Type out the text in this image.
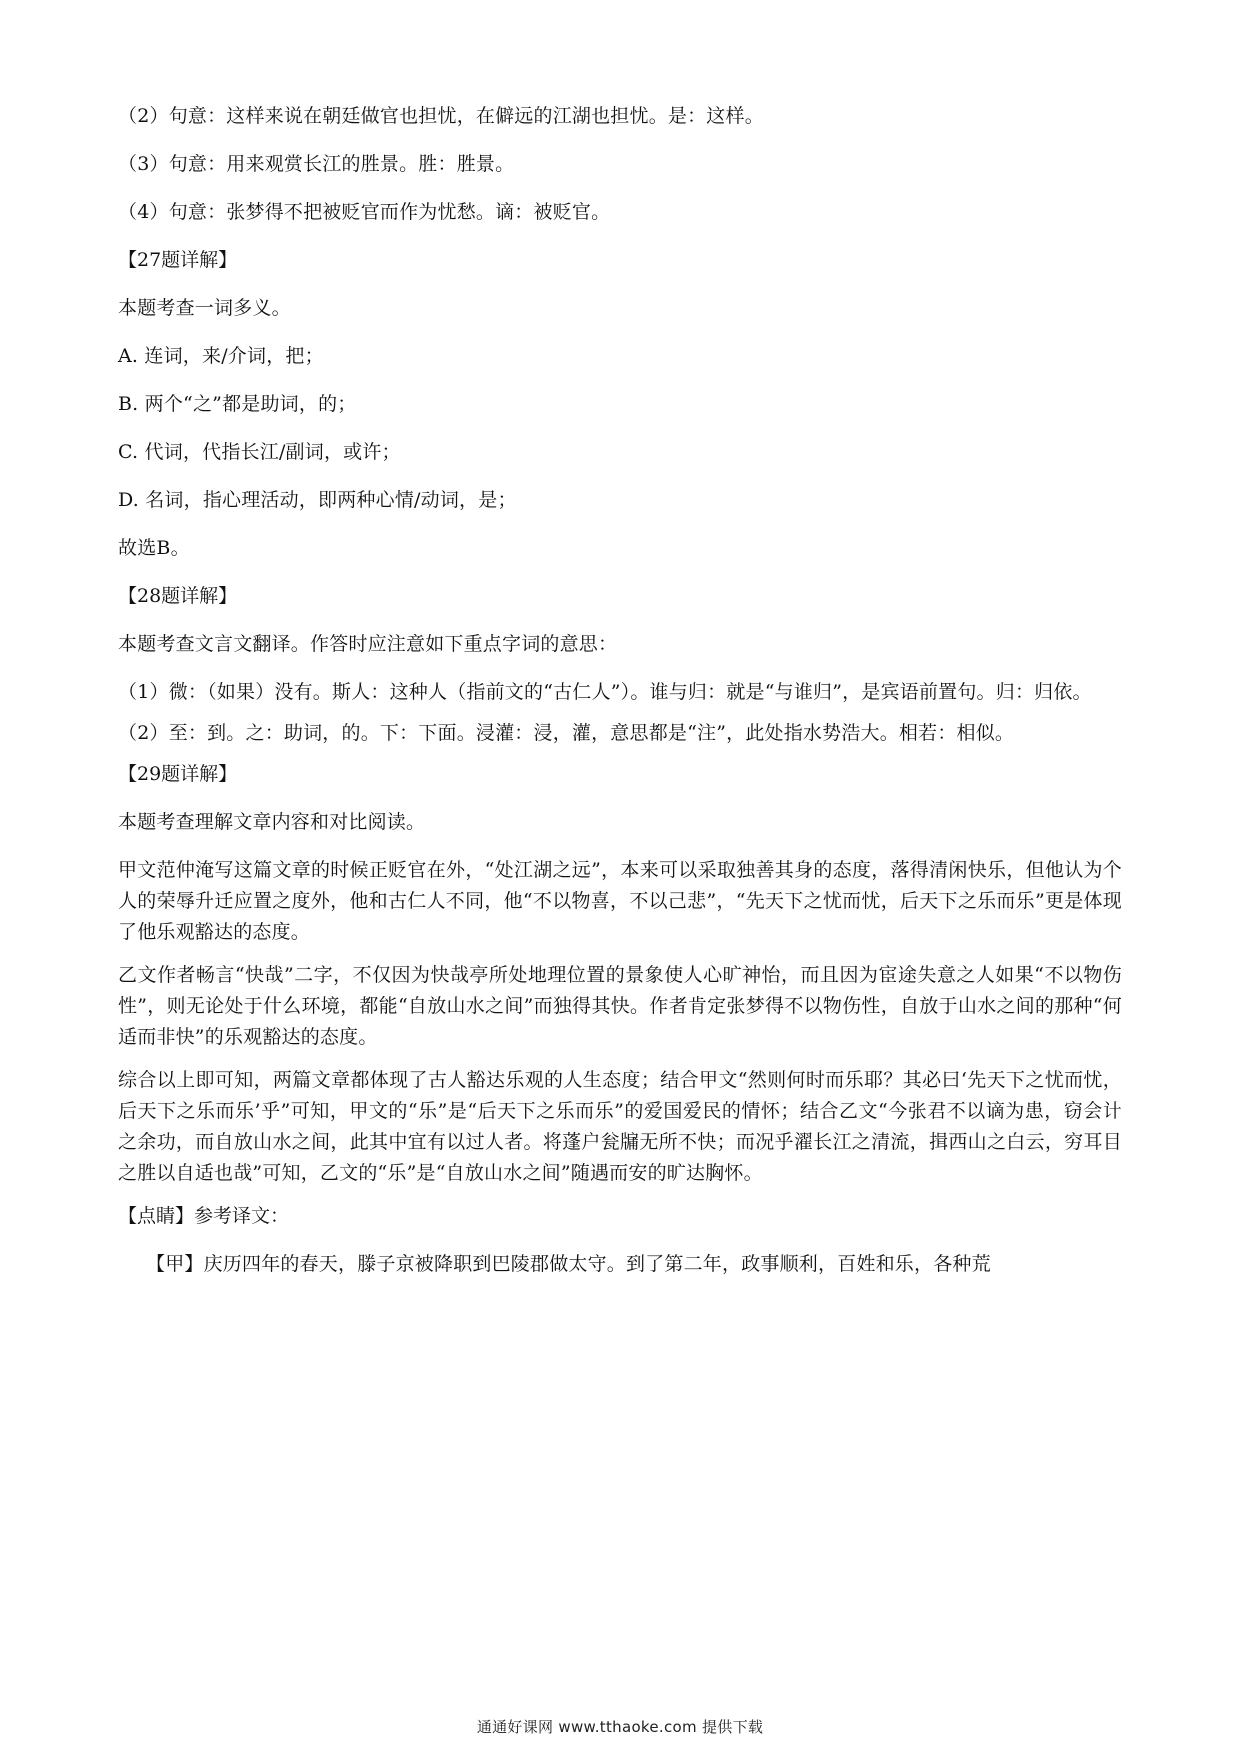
（2）句意：这样来说在朝廷做官也担忧，在僻远的江湖也担忧。是：这样。

（3）句意：用来观赏长江的胜景。胜：胜景。

（4）句意：张梦得不把被贬官而作为忧愁。谪：被贬官。

【27题详解】

本题考查一词多义。

A. 连词，来/介词，把；

B. 两个“之”都是助词，的；

C. 代词，代指长江/副词，或许；

D. 名词，指心理活动，即两种心情/动词，是；

故选B。

【28题详解】

本题考查文言文翻译。作答时应注意如下重点字词的意思：

（1）微：（如果）没有。斯人：这种人（指前文的“古仁人”）。谁与归：就是“与谁归”，是宾语前置句。归：归依。

（2）至：到。之：助词，的。下：下面。浸灌：浸，灌，意思都是“注”，此处指水势浩大。相若：相似。

【29题详解】

本题考查理解文章内容和对比阅读。

甲文范仲淹写这篇文章的时候正贬官在外，“处江湖之远”，本来可以采取独善其身的态度，落得清闲快乐，但他认为个人的荣辱升迁应置之度外，他和古仁人不同，他“不以物喜，不以己悲”，“先天下之忧而忧，后天下之乐而乐”更是体现了他乐观豁达的态度。

乙文作者畅言“快哉”二字，不仅因为快哉亭所处地理位置的景象使人心旷神怡，而且因为宦途失意之人如果“不以物伤性”，则无论处于什么环境，都能“自放山水之间”而独得其快。作者肯定张梦得不以物伤性，自放于山水之间的那种“何适而非快”的乐观豁达的态度。

综合以上即可知，两篇文章都体现了古人豁达乐观的人生态度；结合甲文“然则何时而乐耶？其必曰‘先天下之忧而忧，后天下之乐而乐’乎”可知，甲文的“乐”是“后天下之乐而乐”的爱国爱民的情怀；结合乙文“今张君不以谪为患，窃会计之余功，而自放山水之间，此其中宜有以过人者。将蓬户瓮牖无所不快；而况乎濯长江之清流，揖西山之白云，穷耳目之胜以自适也哉”可知，乙文的“乐”是“自放山水之间”随遇而安的旷达胸怀。

【点睛】参考译文：

【甲】庆历四年的春天，滕子京被降职到巴陵郡做太守。到了第二年，政事顺利，百姓和乐，各种荒

通通好课网 www.tthaoke.com 提供下载
